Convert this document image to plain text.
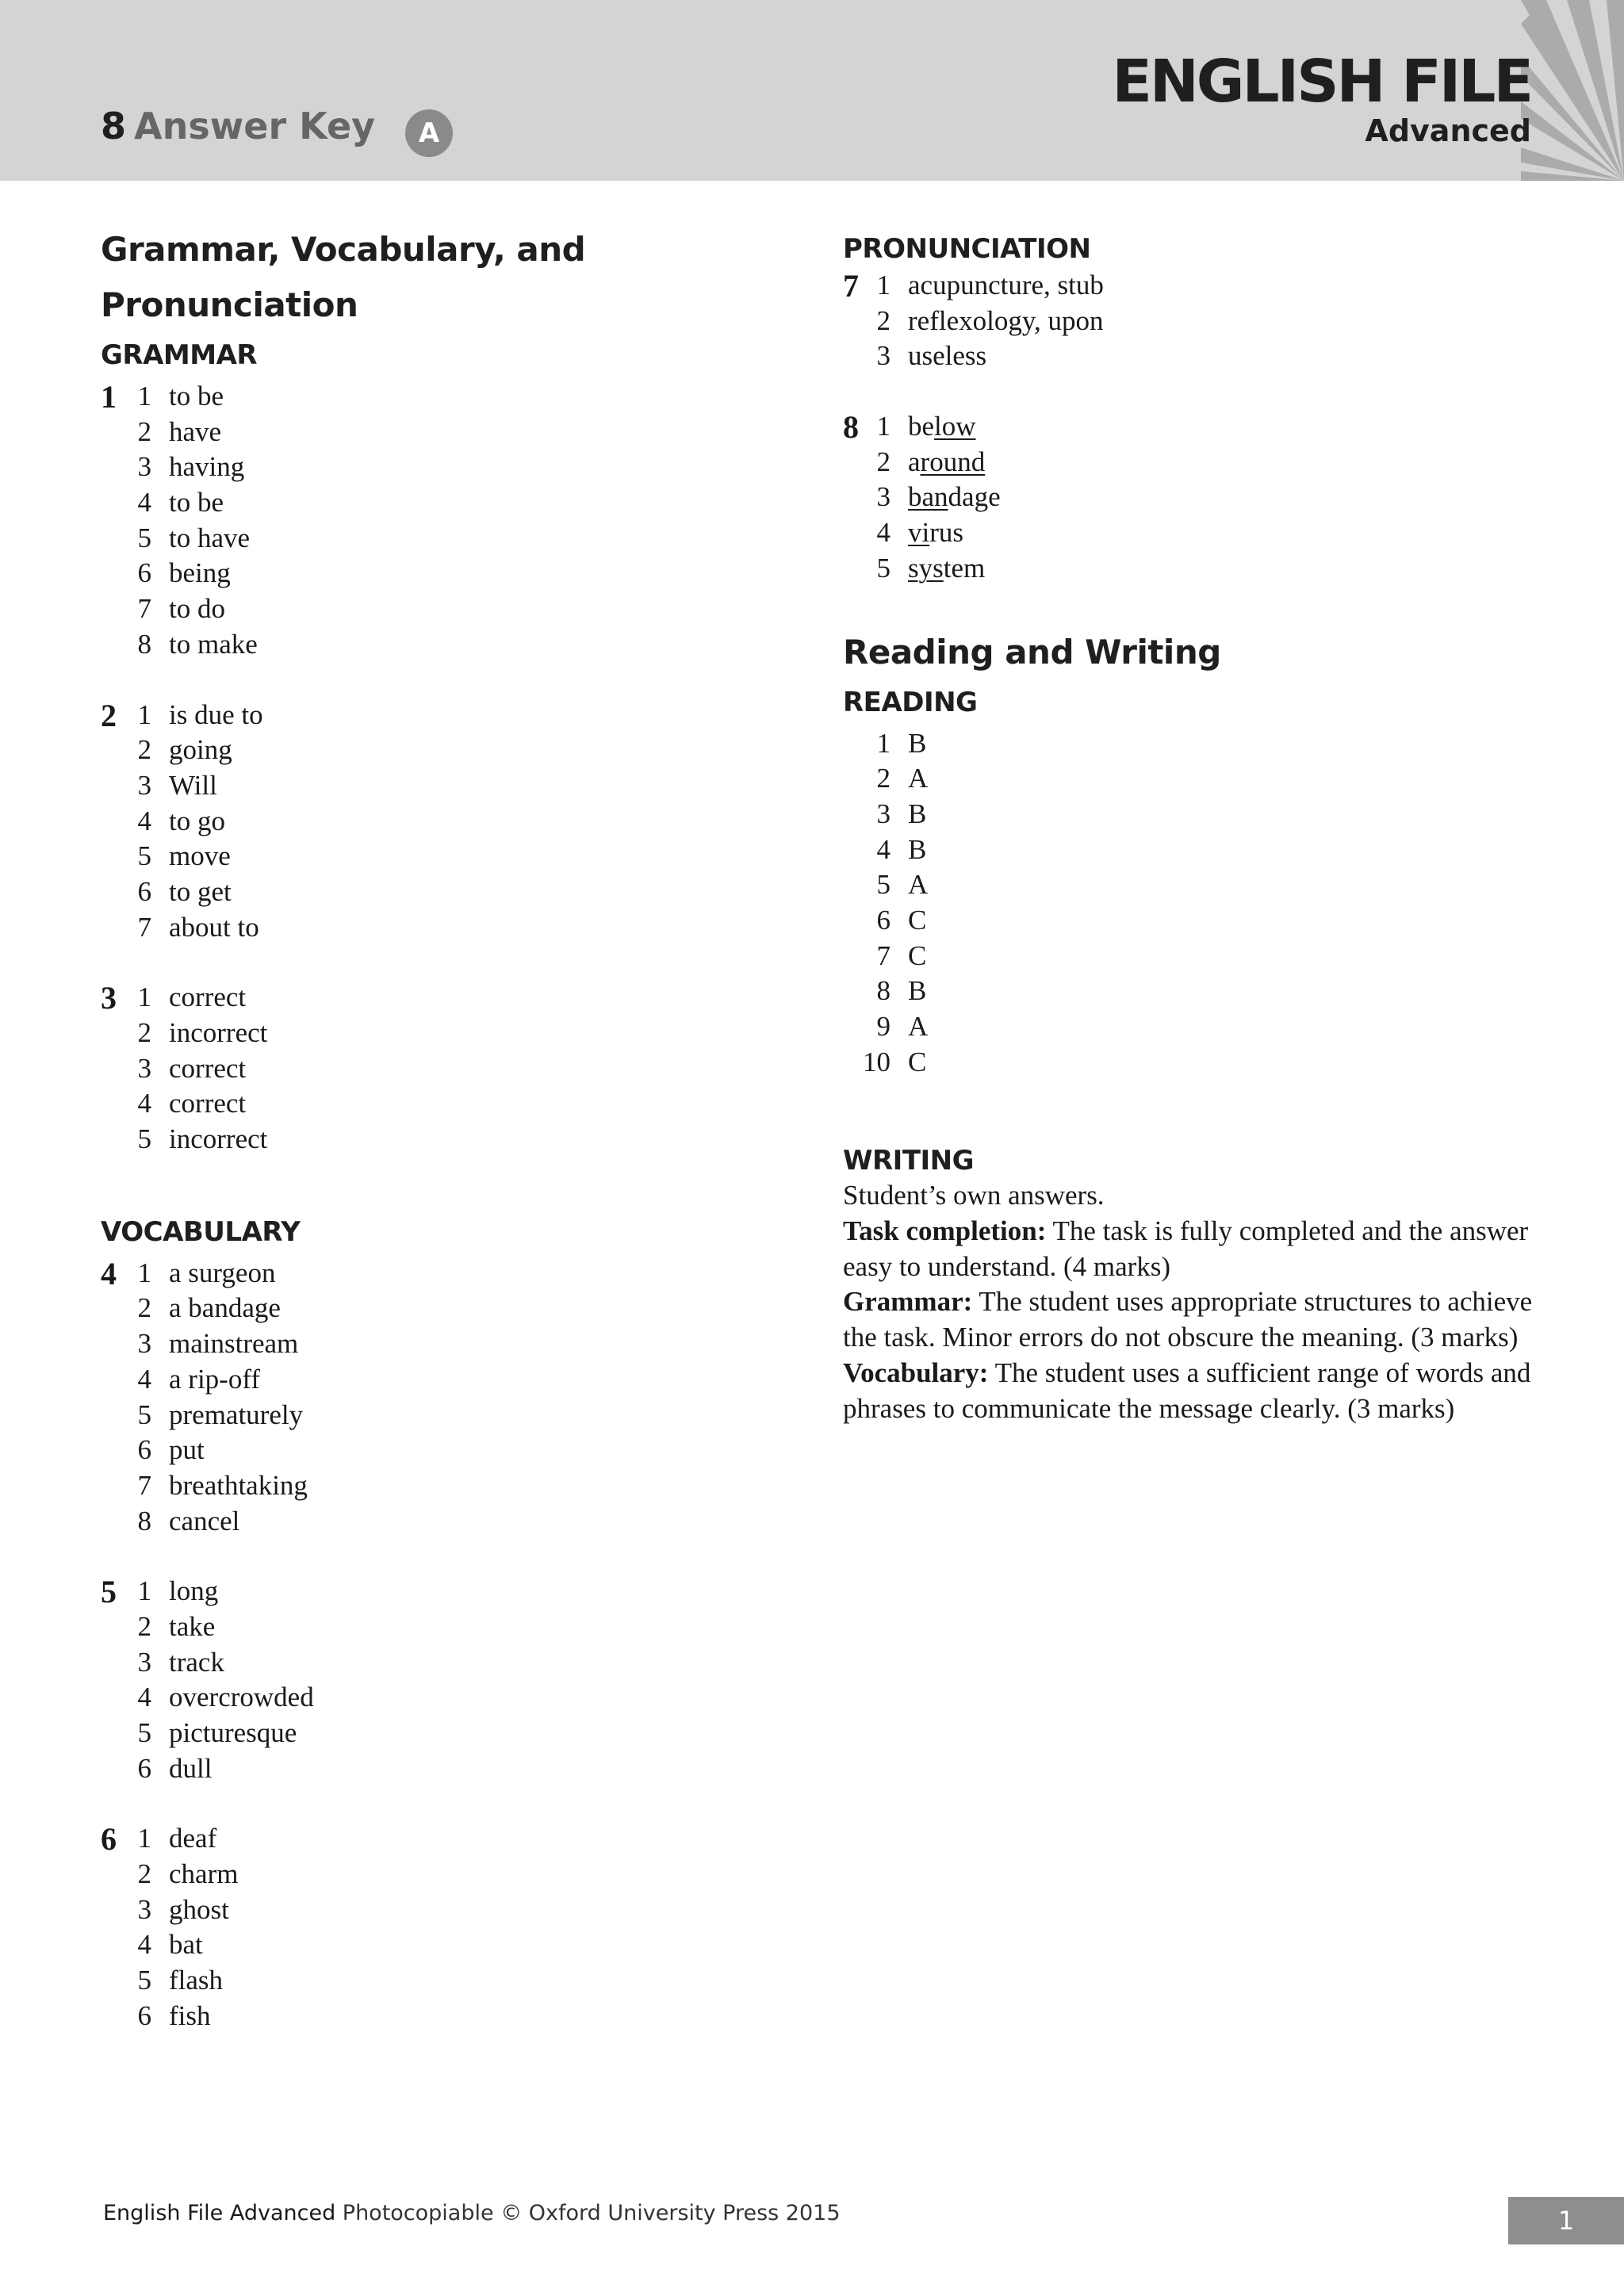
8 Answer Key	A
ENGLISH FILE
Advanced
Grammar, Vocabulary, and Pronunciation
GRAMMAR
1 1 to be
2 have
3 having
4 to be
5 to have
6 being
7 to do
8 to make
2 1 is due to
2 going
3 Will
4 to go
5 move
6 to get
7 about to
3 1 correct
2 incorrect
3 correct
4 correct
5 incorrect
VOCABULARY
4 1 a surgeon
2 a bandage
3 mainstream
4 a rip-off
5 prematurely
6 put
7 breathtaking
8 cancel
5 1 long
2 take
3 track
4 overcrowded
5 picturesque
6 dull
6 1 deaf
2 charm
3 ghost
4 bat
5 flash
6 fish
PRONUNCIATION
7 1 acupuncture, stub
2 reflexology, upon
3 useless
8 1 below
2 around
3 bandage
4 virus
5 system
Reading and Writing
READING
1 B
2 A
3 B
4 B
5 A
6 C
7 C
8 B
9 A
10 C
WRITING

Student’s own answers.

Task completion: The task is fully completed and the answer easy to understand. (4 marks)

Grammar: The student uses appropriate structures to achieve the task. Minor errors do not obscure the meaning. (3 marks)

Vocabulary: The student uses a sufficient range of words and phrases to communicate the message clearly. (3 marks)

English File Advanced Photocopiable © Oxford University Press 2015	1
